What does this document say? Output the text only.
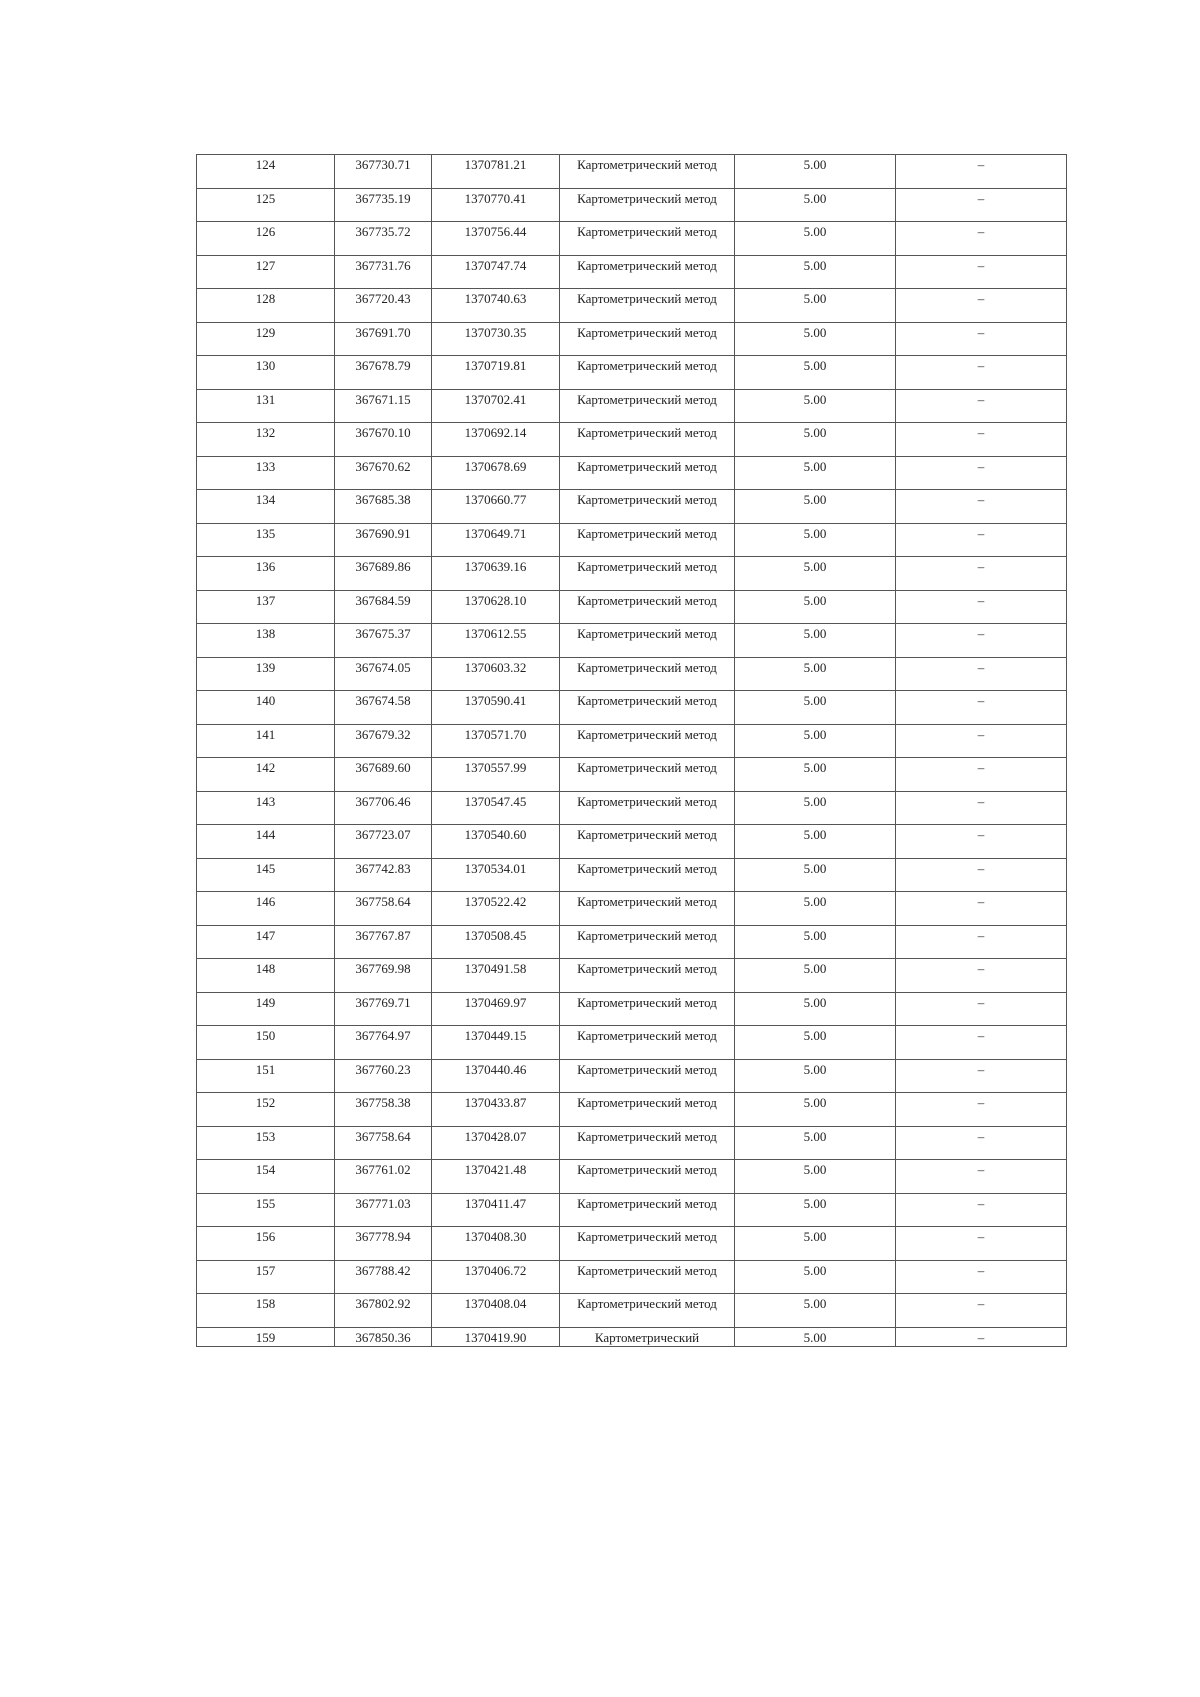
124	367730.71	1370781.21	Картометрический метод	5.00	–
125	367735.19	1370770.41	Картометрический метод	5.00	–
126	367735.72	1370756.44	Картометрический метод	5.00	–
127	367731.76	1370747.74	Картометрический метод	5.00	–
128	367720.43	1370740.63	Картометрический метод	5.00	–
129	367691.70	1370730.35	Картометрический метод	5.00	–
130	367678.79	1370719.81	Картометрический метод	5.00	–
131	367671.15	1370702.41	Картометрический метод	5.00	–
132	367670.10	1370692.14	Картометрический метод	5.00	–
133	367670.62	1370678.69	Картометрический метод	5.00	–
134	367685.38	1370660.77	Картометрический метод	5.00	–
135	367690.91	1370649.71	Картометрический метод	5.00	–
136	367689.86	1370639.16	Картометрический метод	5.00	–
137	367684.59	1370628.10	Картометрический метод	5.00	–
138	367675.37	1370612.55	Картометрический метод	5.00	–
139	367674.05	1370603.32	Картометрический метод	5.00	–
140	367674.58	1370590.41	Картометрический метод	5.00	–
141	367679.32	1370571.70	Картометрический метод	5.00	–
142	367689.60	1370557.99	Картометрический метод	5.00	–
143	367706.46	1370547.45	Картометрический метод	5.00	–
144	367723.07	1370540.60	Картометрический метод	5.00	–
145	367742.83	1370534.01	Картометрический метод	5.00	–
146	367758.64	1370522.42	Картометрический метод	5.00	–
147	367767.87	1370508.45	Картометрический метод	5.00	–
148	367769.98	1370491.58	Картометрический метод	5.00	–
149	367769.71	1370469.97	Картометрический метод	5.00	–
150	367764.97	1370449.15	Картометрический метод	5.00	–
151	367760.23	1370440.46	Картометрический метод	5.00	–
152	367758.38	1370433.87	Картометрический метод	5.00	–
153	367758.64	1370428.07	Картометрический метод	5.00	–
154	367761.02	1370421.48	Картометрический метод	5.00	–
155	367771.03	1370411.47	Картометрический метод	5.00	–
156	367778.94	1370408.30	Картометрический метод	5.00	–
157	367788.42	1370406.72	Картометрический метод	5.00	–
158	367802.92	1370408.04	Картометрический метод	5.00	–
159	367850.36	1370419.90	Картометрический	5.00	–
